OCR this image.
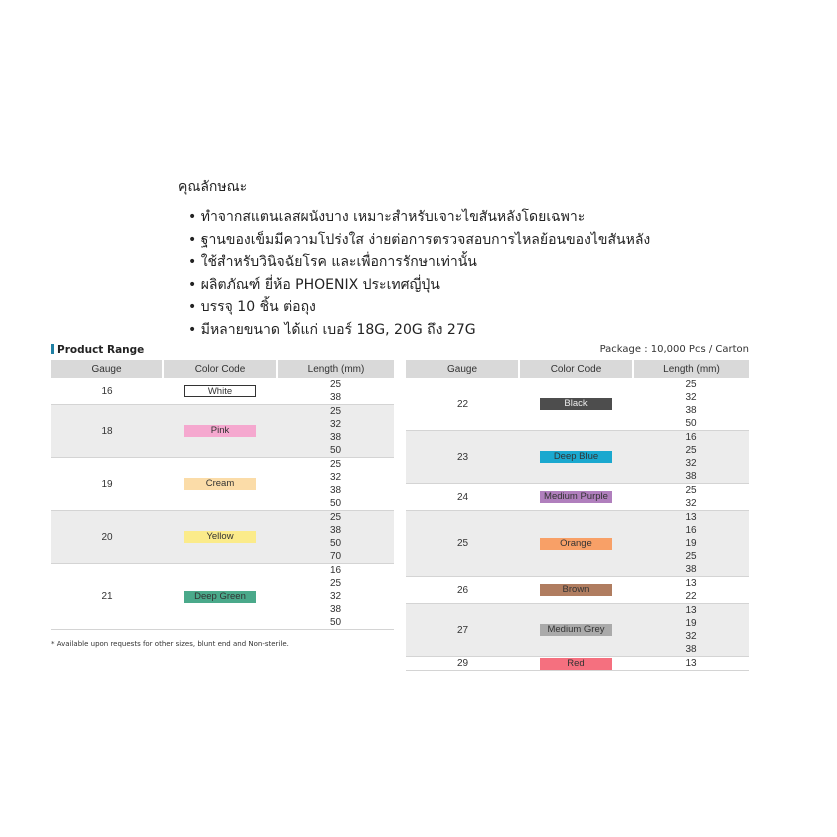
คุณลักษณะ
• ทำจากสแตนเลสผนังบาง เหมาะสำหรับเจาะไขสันหลังโดยเฉพาะ
• ฐานของเข็มมีความโปร่งใส ง่ายต่อการตรวจสอบการไหลย้อนของไขสันหลัง
• ใช้สำหรับวินิจฉัยโรค และเพื่อการรักษาเท่านั้น
• ผลิตภัณฑ์ ยี่ห้อ PHOENIX ประเทศญี่ปุ่น
• บรรจุ 10 ชิ้น ต่อถุง
• มีหลายขนาด ได้แก่ เบอร์ 18G, 20G ถึง 27G
Product Range	Package : 10,000 Pcs / Carton
Gauge	Color Code	Length (mm)
16	White	25
38

18	Pink	25
32
38
50

19	Cream	25
32
38
50

20	Yellow	25
38
50
70

21	Deep Green	16
25
32
38
50
Gauge	Color Code	Length (mm)
22	Black	25
32
38
50

23	Deep Blue	16
25
32
38

24	Medium Purple	25
32

25	Orange	13
16
19
25
38

26	Brown	13
22

27	Medium Grey	13
19
32
38

29	Red	13
* Available upon requests for other sizes, blunt end and Non-sterile.
